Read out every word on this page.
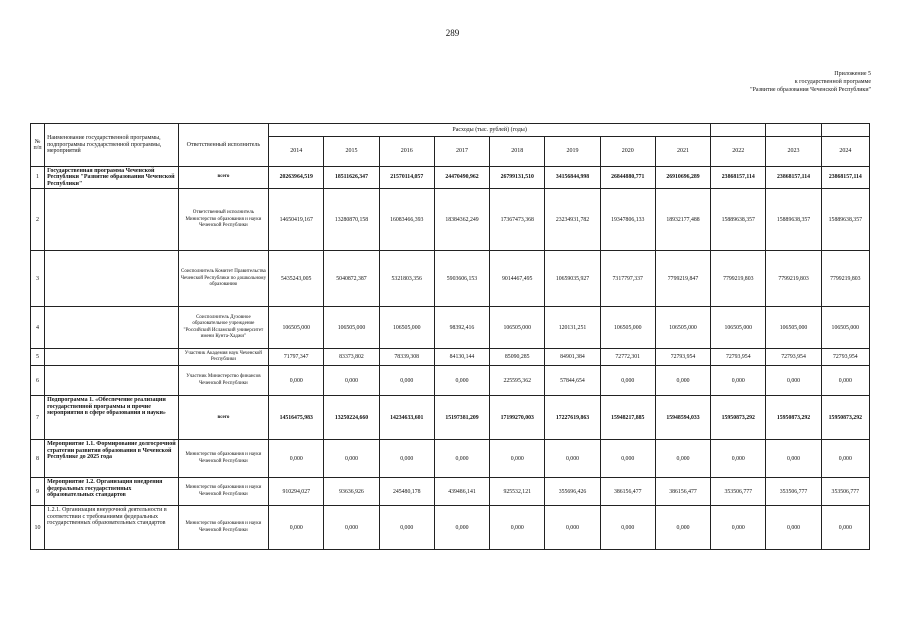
289
Приложение 5
к государственной программе
"Развитие образования Чеченской Республики"
№ п/п	Наименование государственной программы, подпрограммы государственной программы, мероприятий	Ответственный исполнитель	Расходы (тыс. рублей) (годы)										
			2014	2015	2016	2017	2018	2019	2020	2021	2022	2023	2024
1	Государственная программа Чеченской Республики "Развитие образования Чеченской Республики"	всего	20263964,519	18511626,347	21570114,057	24470490,962	26799131,510	34156844,998	26844880,771	26910696,289	23868157,114	23868157,114	23868157,114
2		Ответственный исполнитель Министерство образования и науки Чеченской Республики	14650419,167	13280870,158	16083466,393	18384362,249	17367473,368	23234931,782	19347806,133	18932177,488	15889638,357	15889638,357	15889638,357
3		Соисполнитель Комитет Правительства Чеченской Республики по дошкольному образованию	5435243,005	5040872,387	5321803,356	5903606,153	9014467,495	10659035,927	7317797,337	7799219,847	7799219,803	7799219,803	7799219,803
4		Соисполнитель Духовное образовательное учреждение "Российский Исламский университет имени Кунта-Хаджи"	106505,000	106505,000	106505,000	98392,416	106505,000	120131,251	106505,000	106505,000	106505,000	106505,000	106505,000
5		Участник Академия наук Чеченской Республики	71797,347	83373,802	78339,308	84130,144	85090,285	84901,384	72772,301	72793,954	72793,954	72793,954	72793,954
6		Участник Министерство финансов Чеченской Республики	0,000	0,000	0,000	0,000	225595,362	57844,654	0,000	0,000	0,000	0,000	0,000
7	Подпрограмма 1. «Обеспечение реализации государственной программы и прочие мероприятия в сфере образования и науки»	всего	14516475,983	13250224,660	14234633,601	15197381,209	17199270,003	17227619,863	15948217,885	15948594,033	15950873,292	15950873,292	15950873,292
8	Мероприятие 1.1. Формирование долгосрочной стратегии развития образования в Чеченской Республике до 2025 года	Министерство образования и науки Чеченской Республики	0,000	0,000	0,000	0,000	0,000	0,000	0,000	0,000	0,000	0,000	0,000
9	Мероприятие 1.2. Организация внедрения федеральных государственных образовательных стандартов	Министерство образования и науки Чеченской Республики	910294,027	93636,926	245480,178	439486,141	925532,121	355696,426	386156,477	386156,477	353506,777	353506,777	353506,777
10	1.2.1. Организация внеурочной деятельности в соответствии с требованиями федеральных государственных образовательных стандартов	Министерство образования и науки Чеченской Республики	0,000	0,000	0,000	0,000	0,000	0,000	0,000	0,000	0,000	0,000	0,000
